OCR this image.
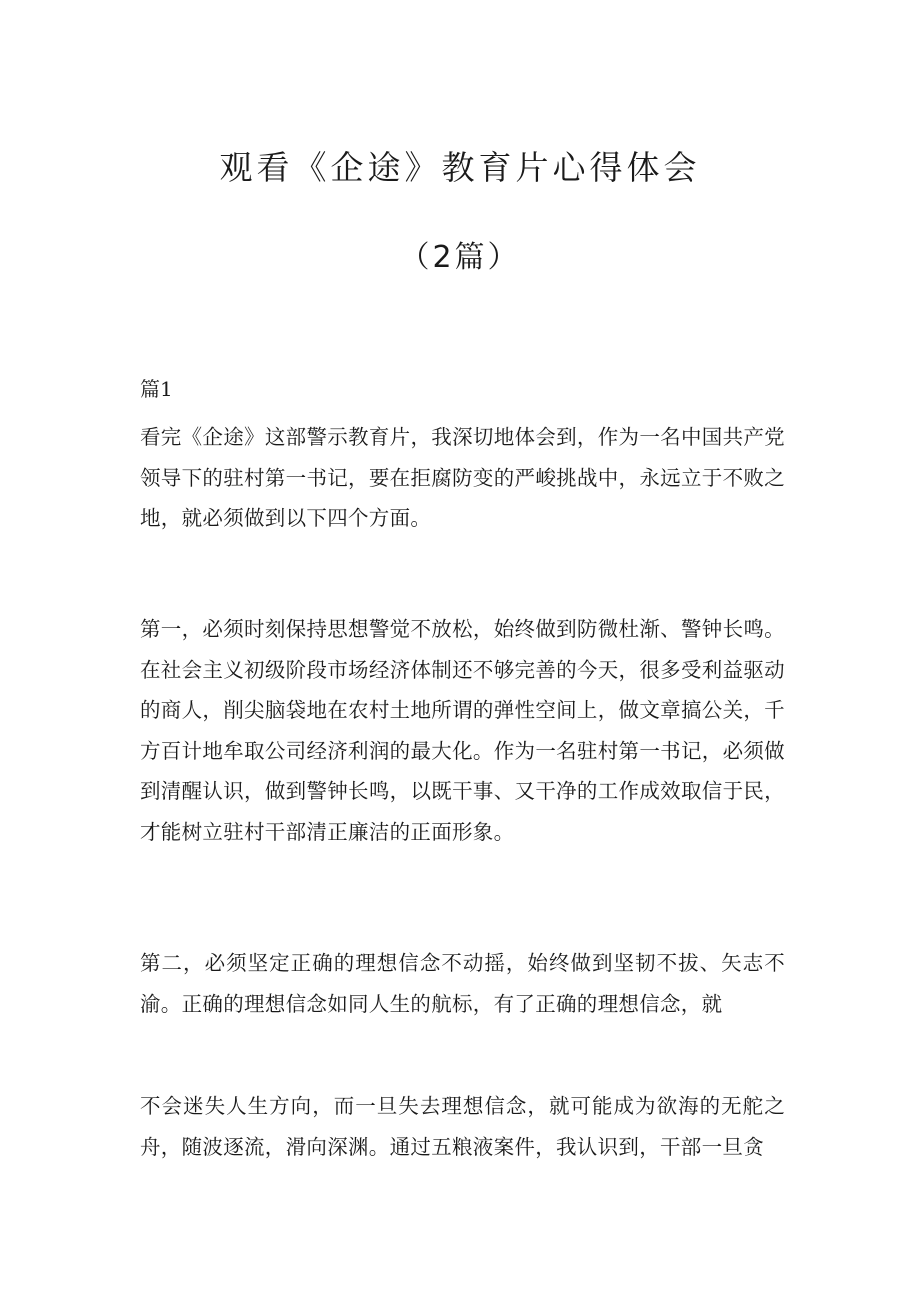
观看《企途》教育片心得体会
（2篇）
篇1

看完《企途》这部警示教育片，我深切地体会到，作为一名中国共产党领导下的驻村第一书记，要在拒腐防变的严峻挑战中，永远立于不败之地，就必须做到以下四个方面。

第一，必须时刻保持思想警觉不放松，始终做到防微杜渐、警钟长鸣。在社会主义初级阶段市场经济体制还不够完善的今天，很多受利益驱动的商人，削尖脑袋地在农村土地所谓的弹性空间上，做文章搞公关，千方百计地牟取公司经济利润的最大化。作为一名驻村第一书记，必须做到清醒认识，做到警钟长鸣，以既干事、又干净的工作成效取信于民，才能树立驻村干部清正廉洁的正面形象。

第二，必须坚定正确的理想信念不动摇，始终做到坚韧不拔、矢志不渝。正确的理想信念如同人生的航标，有了正确的理想信念，就

不会迷失人生方向，而一旦失去理想信念，就可能成为欲海的无舵之舟，随波逐流，滑向深渊。通过五粮液案件，我认识到，干部一旦贪
